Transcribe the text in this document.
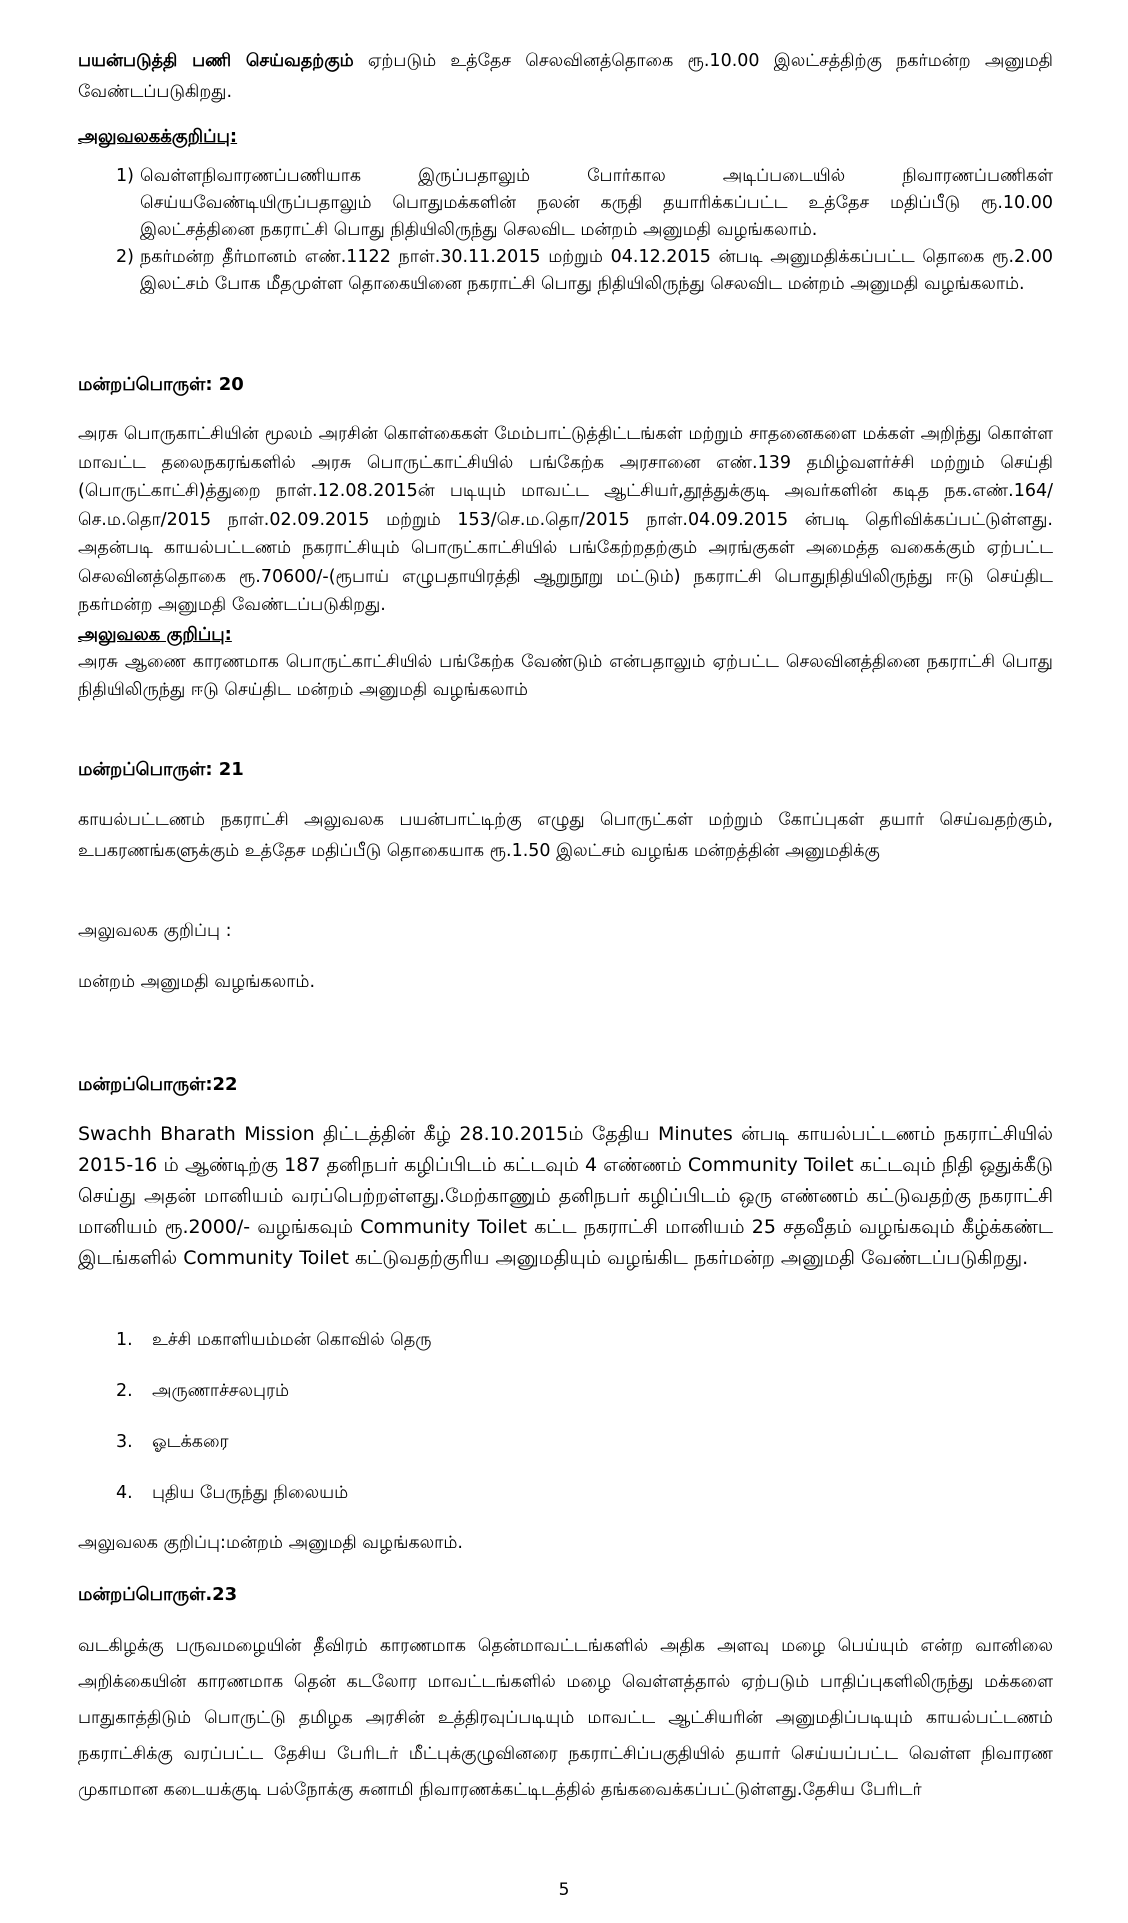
பயன்படுத்தி பணி செய்வதற்கும் ஏற்படும் உத்தேச செலவினத்தொகை ரூ.10.00 இலட்சத்திற்கு நகர்மன்ற அனுமதி வேண்டப்படுகிறது.

அலுவலகக்குறிப்பு:

1) வெள்ளநிவாரணப்பணியாக இருப்பதாலும் போர்கால அடிப்படையில் நிவாரணப்பணிகள் செய்யவேண்டியிருப்பதாலும் பொதுமக்களின் நலன் கருதி தயாரிக்கப்பட்ட உத்தேச மதிப்பீடு ரூ.10.00 இலட்சத்தினை நகராட்சி பொது நிதியிலிருந்து செலவிட மன்றம் அனுமதி வழங்கலாம்.
2) நகர்மன்ற தீர்மானம் எண்.1122 நாள்.30.11.2015 மற்றும் 04.12.2015 ன்படி அனுமதிக்கப்பட்ட தொகை ரூ.2.00 இலட்சம் போக மீதமுள்ள தொகையினை நகராட்சி பொது நிதியிலிருந்து செலவிட மன்றம் அனுமதி வழங்கலாம்.

மன்றப்பொருள்: 20

அரசு பொருகாட்சியின் மூலம் அரசின் கொள்கைகள் மேம்பாட்டுத்திட்டங்கள் மற்றும் சாதனைகளை மக்கள் அறிந்து கொள்ள மாவட்ட தலைநகரங்களில் அரசு பொருட்காட்சியில் பங்கேற்க அரசானை எண்.139 தமிழ்வளர்ச்சி மற்றும் செய்தி (பொருட்காட்சி)த்துறை நாள்.12.08.2015ன் படியும் மாவட்ட ஆட்சியர்,தூத்துக்குடி அவர்களின் கடித நக.எண்.164/செ.ம.தொ/2015 நாள்.02.09.2015 மற்றும் 153/செ.ம.தொ/2015 நாள்.04.09.2015 ன்படி தெரிவிக்கப்பட்டுள்ளது. அதன்படி காயல்பட்டணம் நகராட்சியும் பொருட்காட்சியில் பங்கேற்றதற்கும் அரங்குகள் அமைத்த வகைக்கும் ஏற்பட்ட செலவினத்தொகை ரூ.70600/-(ரூபாய் எழுபதாயிரத்தி ஆறுநூறு மட்டும்) நகராட்சி பொதுநிதியிலிருந்து ஈடு செய்திட நகர்மன்ற அனுமதி வேண்டப்படுகிறது.

அலுவலக குறிப்பு:

அரசு ஆணை காரணமாக பொருட்காட்சியில் பங்கேற்க வேண்டும் என்பதாலும் ஏற்பட்ட செலவினத்தினை நகராட்சி பொது நிதியிலிருந்து ஈடு செய்திட மன்றம் அனுமதி வழங்கலாம்

மன்றப்பொருள்: 21

காயல்பட்டணம் நகராட்சி அலுவலக பயன்பாட்டிற்கு எழுது பொருட்கள் மற்றும் கோப்புகள் தயார் செய்வதற்கும், உபகரணங்களுக்கும் உத்தேச மதிப்பீடு தொகையாக ரூ.1.50 இலட்சம் வழங்க மன்றத்தின் அனுமதிக்கு

அலுவலக குறிப்பு :

மன்றம் அனுமதி வழங்கலாம்.

மன்றப்பொருள்:22

Swachh Bharath Mission திட்டத்தின் கீழ் 28.10.2015ம் தேதிய Minutes ன்படி காயல்பட்டணம் நகராட்சியில் 2015-16 ம் ஆண்டிற்கு 187 தனிநபர் கழிப்பிடம் கட்டவும் 4 எண்ணம் Community Toilet கட்டவும் நிதி ஒதுக்கீடு செய்து அதன் மானியம் வரப்பெற்றள்ளது.மேற்காணும் தனிநபர் கழிப்பிடம் ஒரு எண்ணம் கட்டுவதற்கு நகராட்சி மானியம் ரூ.2000/- வழங்கவும் Community Toilet கட்ட நகராட்சி மானியம் 25 சதவீதம் வழங்கவும் கீழ்க்கண்ட இடங்களில் Community Toilet கட்டுவதற்குரிய அனுமதியும் வழங்கிட நகர்மன்ற அனுமதி வேண்டப்படுகிறது.

1.	உச்சி மகாளியம்மன் கொவில் தெரு
2.	அருணாச்சலபுரம்
3.	ஓடக்கரை
4.	புதிய பேருந்து நிலையம்

அலுவலக குறிப்பு:மன்றம் அனுமதி வழங்கலாம்.

மன்றப்பொருள்.23

வடகிழக்கு பருவமழையின் தீவிரம் காரணமாக தென்மாவட்டங்களில் அதிக அளவு மழை பெய்யும் என்ற வானிலை அறிக்கையின் காரணமாக தென் கடலோர மாவட்டங்களில் மழை வெள்ளத்தால் ஏற்படும் பாதிப்புகளிலிருந்து மக்களை பாதுகாத்திடும் பொருட்டு தமிழக அரசின் உத்திரவுப்படியும் மாவட்ட ஆட்சியரின் அனுமதிப்படியும் காயல்பட்டணம் நகராட்சிக்கு வரப்பட்ட தேசிய பேரிடர் மீட்புக்குழுவினரை நகராட்சிப்பகுதியில் தயார் செய்யப்பட்ட வெள்ள நிவாரண முகாமான கடையக்குடி பல்நோக்கு சுனாமி நிவாரணக்கட்டிடத்தில் தங்கவைக்கப்பட்டுள்ளது.தேசிய பேரிடர்

5
